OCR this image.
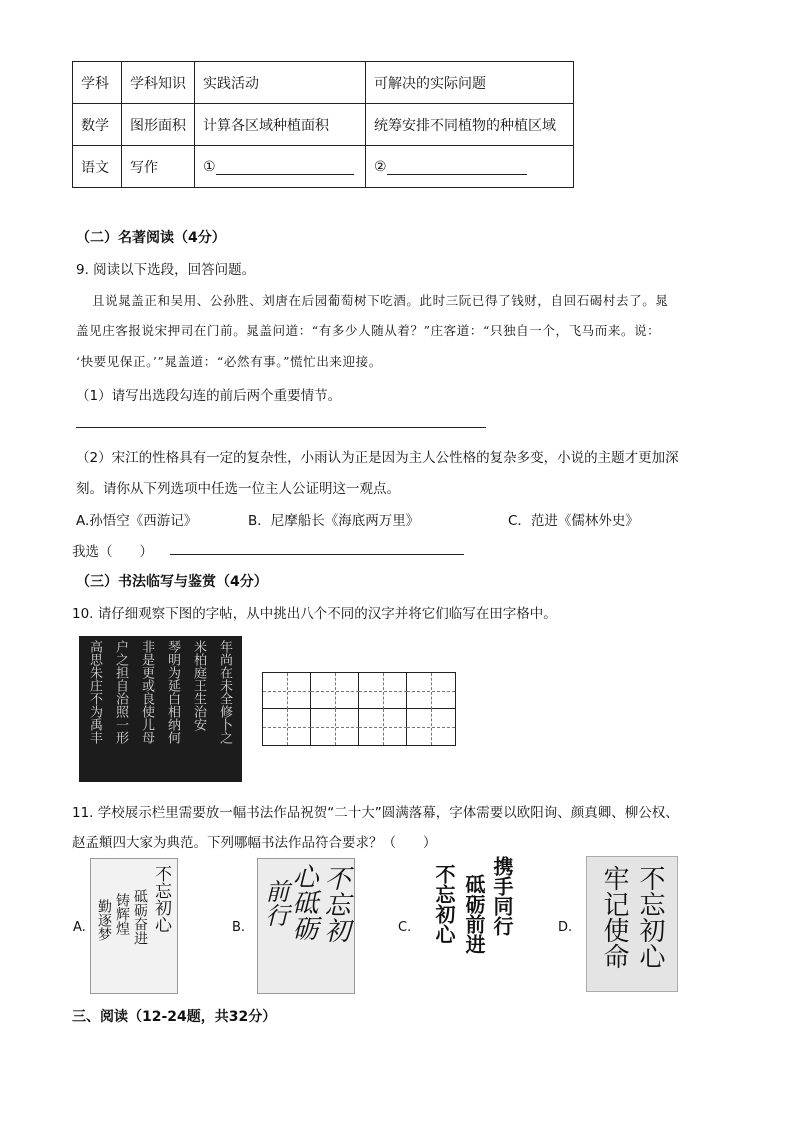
学科	学科知识	实践活动	可解决的实际问题
数学	图形面积	计算各区域种植面积	统筹安排不同植物的种植区域
语文	写作	①	②
（二）名著阅读（4分）
9. 阅读以下选段，回答问题。
且说晁盖正和吴用、公孙胜、刘唐在后园葡萄树下吃酒。此时三阮已得了钱财，自回石碣村去了。晁
盖见庄客报说宋押司在门前。晁盖问道：“有多少人随从着？”庄客道：“只独自一个，飞马而来。说：
‘快要见保正。’”晁盖道：“必然有事。”慌忙出来迎接。
（1）请写出选段勾连的前后两个重要情节。
（2）宋江的性格具有一定的复杂性，小雨认为正是因为主人公性格的复杂多变，小说的主题才更加深
刻。请你从下列选项中任选一位主人公证明这一观点。
A.孙悟空《西游记》	B．尼摩船长《海底两万里》	C．范进《儒林外史》
我选（　　）
（三）书法临写与鉴赏（4分）
10. 请仔细观察下图的字帖，从中挑出八个不同的汉字并将它们临写在田字格中。
高思朱庄不为禹丰 户之担自治照一形 非是更或良使儿母 琴明为延白相纳何 米柏庭王生治安 年尚在未全修卜之
11. 学校展示栏里需要放一幅书法作品祝贺“二十大”圆满落幕，字体需要以欧阳询、颜真卿、柳公权、
赵孟頫四大家为典范。下列哪幅书法作品符合要求？（　　）
A.	B.	C.	D.
不忘初心
砥砺奋进
铸辉煌
勤逐梦	不忘初
心砥砺
前行	携手同行
砥砺前进
不忘初心	不忘初心
牢记使命
三、阅读（12-24题，共32分）
